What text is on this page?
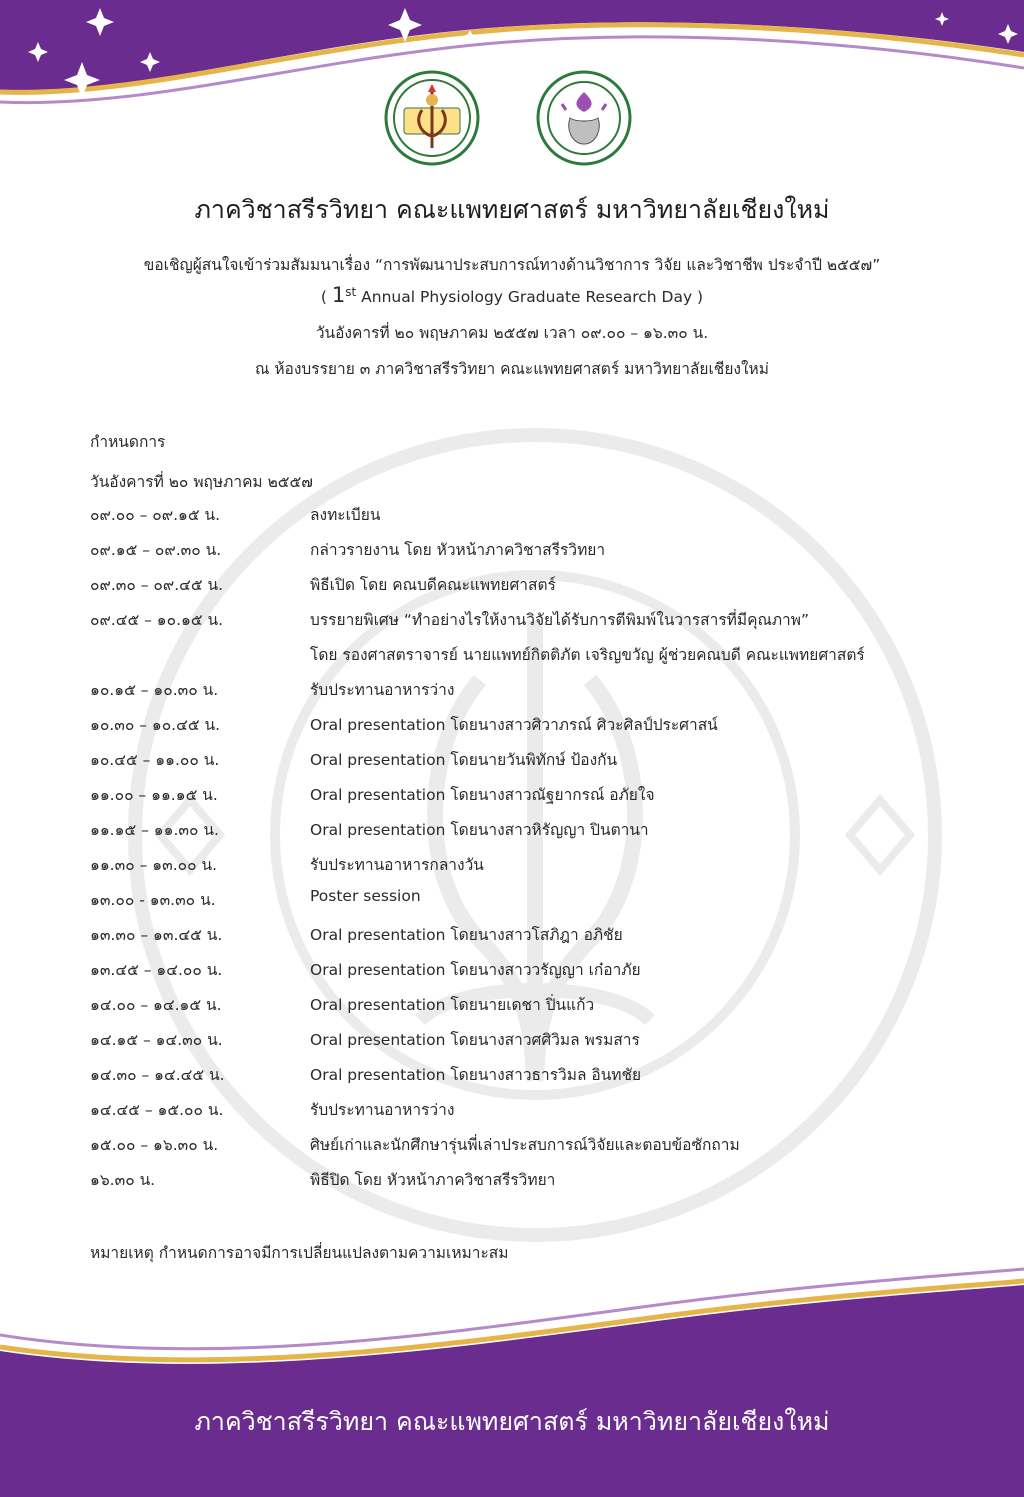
ภาควิชาสรีรวิทยา คณะแพทยศาสตร์ มหาวิทยาลัยเชียงใหม่
ขอเชิญผู้สนใจเข้าร่วมสัมมนาเรื่อง “การพัฒนาประสบการณ์ทางด้านวิชาการ วิจัย และวิชาชีพ ประจำปี ๒๕๕๗”
( 1st Annual Physiology Graduate Research Day )
วันอังคารที่ ๒๐ พฤษภาคม ๒๕๕๗ เวลา ๐๙.๐๐ – ๑๖.๓๐ น.
ณ ห้องบรรยาย ๓ ภาควิชาสรีรวิทยา คณะแพทยศาสตร์ มหาวิทยาลัยเชียงใหม่
กำหนดการ
วันอังคารที่ ๒๐ พฤษภาคม ๒๕๕๗
๐๙.๐๐ – ๐๙.๑๕ น.	ลงทะเบียน
๐๙.๑๕ – ๐๙.๓๐ น.	กล่าวรายงาน โดย หัวหน้าภาควิชาสรีรวิทยา
๐๙.๓๐ – ๐๙.๔๕ น.	พิธีเปิด โดย คณบดีคณะแพทยศาสตร์
๐๙.๔๕ – ๑๐.๑๕ น.	บรรยายพิเศษ “ทำอย่างไรให้งานวิจัยได้รับการตีพิมพ์ในวารสารที่มีคุณภาพ”
โดย รองศาสตราจารย์ นายแพทย์กิตติภัต เจริญขวัญ ผู้ช่วยคณบดี คณะแพทยศาสตร์
๑๐.๑๕ – ๑๐.๓๐ น.	รับประทานอาหารว่าง
๑๐.๓๐ – ๑๐.๔๕ น.	Oral presentation โดยนางสาวศิวาภรณ์ ศิวะศิลป์ประศาสน์
๑๐.๔๕ – ๑๑.๐๐ น.	Oral presentation โดยนายวันพิทักษ์ ป้องกัน
๑๑.๐๐ – ๑๑.๑๕ น.	Oral presentation โดยนางสาวณัฐยากรณ์ อภัยใจ
๑๑.๑๕ – ๑๑.๓๐ น.	Oral presentation โดยนางสาวหิรัญญา ปินตานา
๑๑.๓๐ – ๑๓.๐๐ น.	รับประทานอาหารกลางวัน
๑๓.๐๐ - ๑๓.๓๐ น.	Poster session
๑๓.๓๐ – ๑๓.๔๕ น.	Oral presentation โดยนางสาวโสภิฎา อภิชัย
๑๓.๔๕ – ๑๔.๐๐ น.	Oral presentation โดยนางสาววรัญญา เก๋อาภัย
๑๔.๐๐ – ๑๔.๑๕ น.	Oral presentation โดยนายเดชา ปิ่นแก้ว
๑๔.๑๕ – ๑๔.๓๐ น.	Oral presentation โดยนางสาวศศิวิมล พรมสาร
๑๔.๓๐ – ๑๔.๔๕ น.	Oral presentation โดยนางสาวธารวิมล อินทชัย
๑๔.๔๕ – ๑๕.๐๐ น.	รับประทานอาหารว่าง
๑๕.๐๐ – ๑๖.๓๐ น.	ศิษย์เก่าและนักศึกษารุ่นพี่เล่าประสบการณ์วิจัยและตอบข้อซักถาม
๑๖.๓๐ น.	พิธีปิด โดย หัวหน้าภาควิชาสรีรวิทยา
หมายเหตุ กำหนดการอาจมีการเปลี่ยนแปลงตามความเหมาะสม
ภาควิชาสรีรวิทยา คณะแพทยศาสตร์ มหาวิทยาลัยเชียงใหม่
